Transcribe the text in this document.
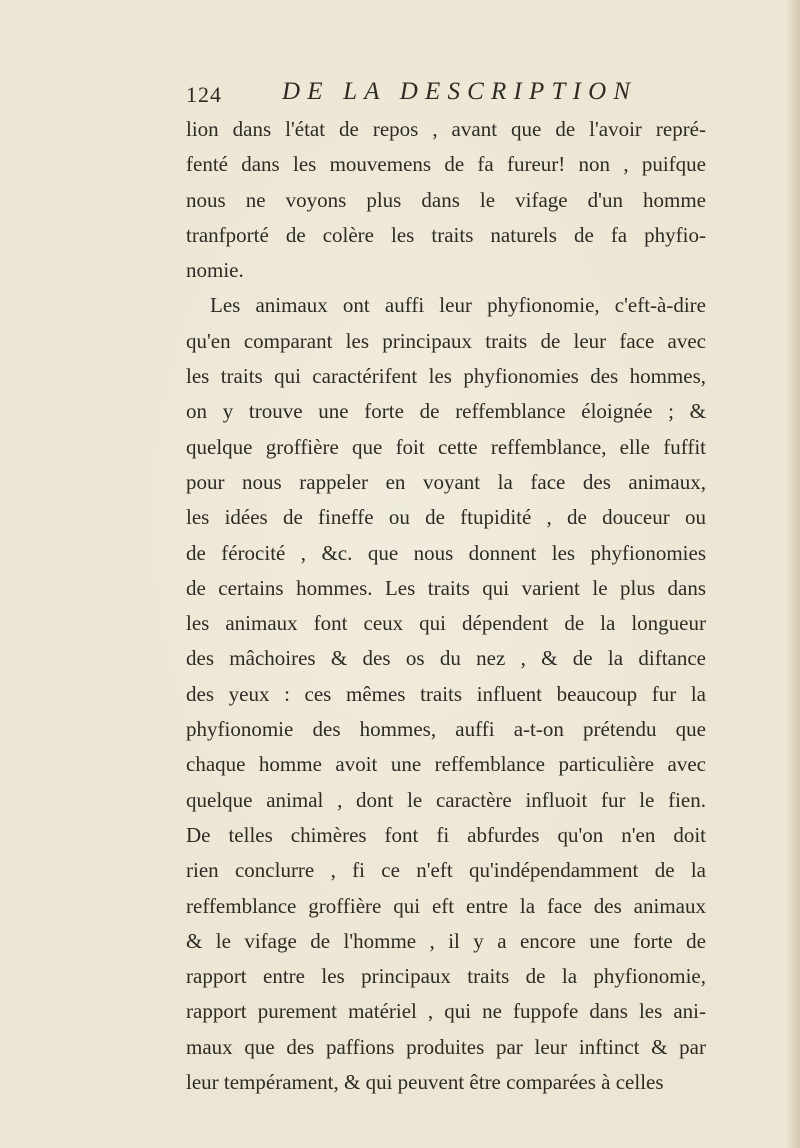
124 DE LA DESCRIPTION
lion dans l'état de repos , avant que de l'avoir repré-
fenté dans les mouvemens de fa fureur! non , puifque
nous ne voyons plus dans le vifage d'un homme
tranfporté de colère les traits naturels de fa phyfio-
nomie.
Les animaux ont auffi leur phyfionomie, c'eft-à-dire
qu'en comparant les principaux traits de leur face avec
les traits qui caractérifent les phyfionomies des hommes,
on y trouve une forte de reffemblance éloignée ; &
quelque groffière que foit cette reffemblance, elle fuffit
pour nous rappeler en voyant la face des animaux,
les idées de fineffe ou de ftupidité , de douceur ou
de férocité , &c. que nous donnent les phyfionomies
de certains hommes. Les traits qui varient le plus dans
les animaux font ceux qui dépendent de la longueur
des mâchoires & des os du nez , & de la diftance
des yeux : ces mêmes traits influent beaucoup fur la
phyfionomie des hommes, auffi a-t-on prétendu que
chaque homme avoit une reffemblance particulière avec
quelque animal , dont le caractère influoit fur le fien.
De telles chimères font fi abfurdes qu'on n'en doit
rien conclurre , fi ce n'eft qu'indépendamment de la
reffemblance groffière qui eft entre la face des animaux
& le vifage de l'homme , il y a encore une forte de
rapport entre les principaux traits de la phyfionomie,
rapport purement matériel , qui ne fuppofe dans les ani-
maux que des paffions produites par leur inftinct & par
leur tempérament, & qui peuvent être comparées à celles
